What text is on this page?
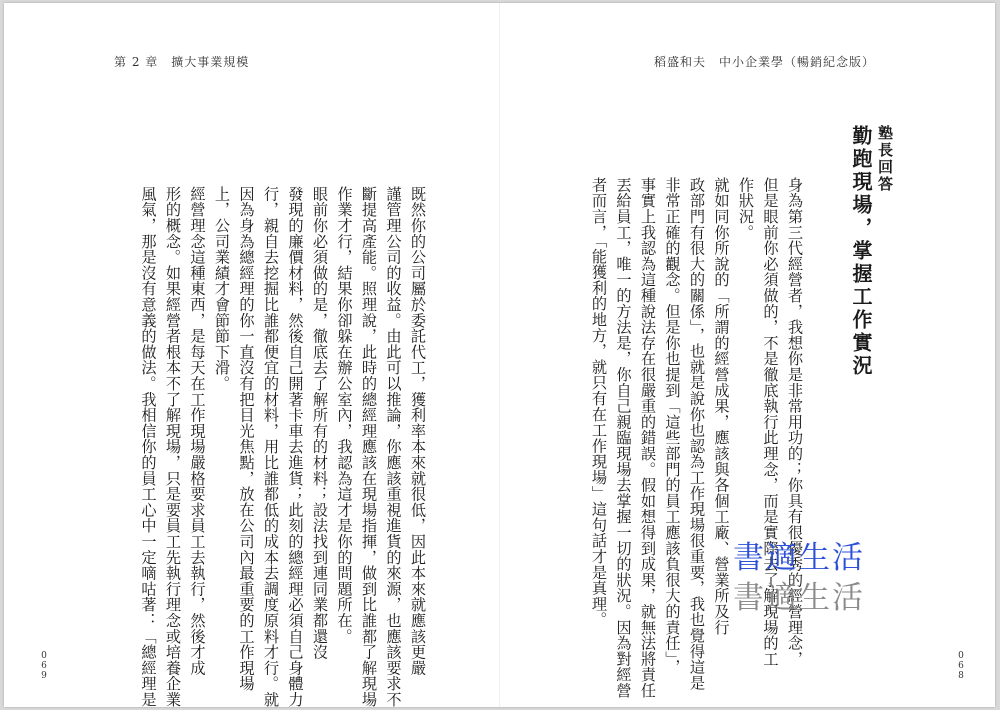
第 2 章　擴大事業規模	稻盛和夫　中小企業學（暢銷紀念版）
塾長回答
勤跑現場，掌握工作實況
身為第三代經營者，我想你是非常用功的；你具有很優秀的經營理念，
但是眼前你必須做的，不是徹底執行此理念，而是實際去了解現場的工
作狀況。
就如同你所說的「所謂的經營成果，應該與各個工廠、營業所及行
政部門有很大的關係」，也就是說你也認為工作現場很重要，我也覺得這是
非常正確的觀念。但是你也提到「這些部門的員工應該負很大的責任」，
事實上我認為這種說法存在很嚴重的錯誤。假如想得到成果，就無法將責任
丟給員工，唯一的方法是，你自己親臨現場去掌握一切的狀況。因為對經營
者而言，「能獲利的地方，就只有在工作現場」這句話才是真理。
既然你的公司屬於委託代工，獲利率本來就很低，因此本來就應該更嚴
謹管理公司的收益。由此可以推論，你應該重視進貨的來源，也應該要求不
斷提高產能。照理說，此時的總經理應該在現場指揮，做到比誰都了解現場
作業才行，結果你卻躲在辦公室內，我認為這才是你的問題所在。
眼前你必須做的是，徹底去了解所有的材料；設法找到連同業都還沒
發現的廉價材料，然後自己開著卡車去進貨；此刻的總經理必須自己身體力
行，親自去挖掘比誰都便宜的材料，用比誰都低的成本去調度原料才行。就
因為身為總經理的你一直沒有把目光焦點，放在公司內最重要的工作現場
上，公司業績才會節節下滑。
經營理念這種東西，是每天在工作現場嚴格要求員工去執行，然後才成
形的概念。如果經營者根本不了解現場，只是要員工先執行理念或培養企業
風氣，那是沒有意義的做法。我相信你的員工心中一定嘀咕著：「總經理是
0
6
9
0
6
8
書適生活
書適生活
